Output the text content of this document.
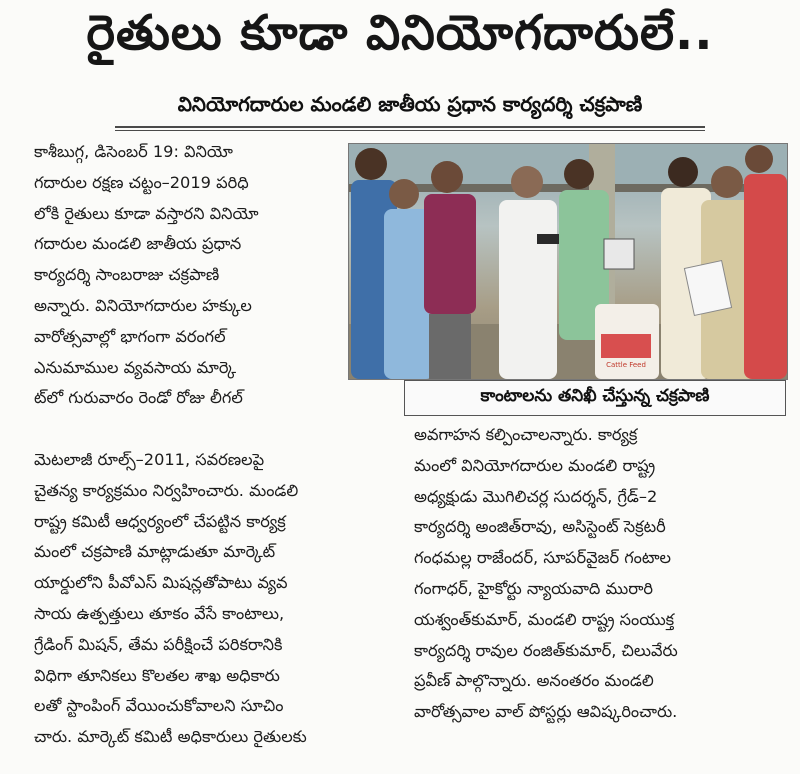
రైతులు కూడా వినియోగదారులే..
వినియోగదారుల మండలి జాతీయ ప్రధాన కార్యదర్శి చక్రపాణి
కాశీబుగ్గ, డిసెంబర్ 19: వినియో
గదారుల రక్షణ చట్టం–2019 పరిధి
లోకి రైతులు కూడా వస్తారని వినియో
గదారుల మండలి జాతీయ ప్రధాన
కార్యదర్శి సాంబరాజు చక్రపాణి
అన్నారు. వినియోగదారుల హక్కుల
వారోత్సవాల్లో భాగంగా వరంగల్
ఎనుమాముల వ్యవసాయ మార్కె
ట్‌లో గురువారం రెండో రోజు లీగల్
Cattle Feed
కాంటాలను తనిఖీ చేస్తున్న చక్రపాణి
మెటలాజీ రూల్స్–2011, సవరణలపై
చైతన్య కార్యక్రమం నిర్వహించారు. మండలి
రాష్ట్ర కమిటీ ఆధ్వర్యంలో చేపట్టిన కార్యక్ర
మంలో చక్రపాణి మాట్లాడుతూ మార్కెట్
యార్డులోని పీవోఎస్ మిషన్లతోపాటు వ్యవ
సాయ ఉత్పత్తులు తూకం వేసే కాంటాలు,
గ్రేడింగ్ మిషన్, తేమ పరీక్షించే పరికరానికి
విధిగా తూనికలు కొలతల శాఖ అధికారు
లతో స్టాంపింగ్ వేయించుకోవాలని సూచిం
చారు. మార్కెట్ కమిటీ అధికారులు రైతులకు
అవగాహన కల్పించాలన్నారు. కార్యక్ర
మంలో వినియోగదారుల మండలి రాష్ట్ర
అధ్యక్షుడు మొగిలిచర్ల సుదర్శన్, గ్రేడ్–2
కార్యదర్శి అంజిత్‌రావు, అసిస్టెంట్ సెక్రటరీ
గంధమల్ల రాజేందర్, సూపర్‌వైజర్ గంటాల
గంగాధర్, హైకోర్టు న్యాయవాది మురారి
యశ్వంత్‌కుమార్, మండలి రాష్ట్ర సంయుక్త
కార్యదర్శి రావుల రంజిత్‌కుమార్, చిలువేరు
ప్రవీణ్ పాల్గొన్నారు. అనంతరం మండలి
వారోత్సవాల వాల్ పోస్టర్లు ఆవిష్కరించారు.
